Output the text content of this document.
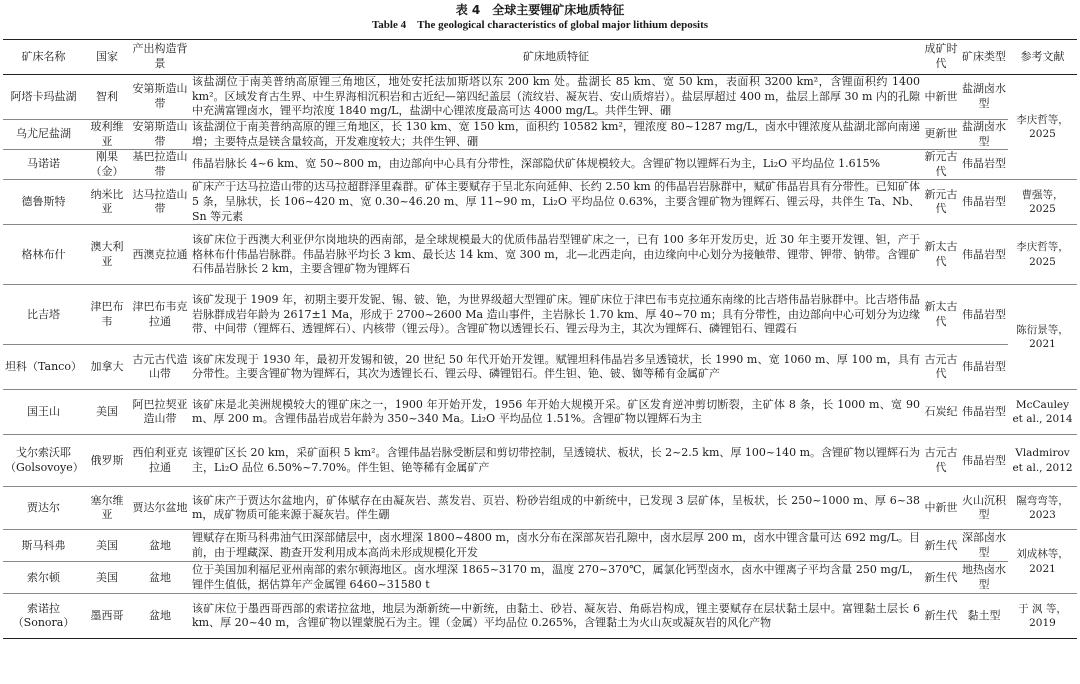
表 4　全球主要锂矿床地质特征
Table 4　The geological characteristics of global major lithium deposits
矿床名称	国家	产出构造背景	矿床地质特征	成矿时代	矿床类型	参考文献
阿塔卡玛盐湖	智利	安第斯造山带	该盐湖位于南美普纳高原锂三角地区，地处安托法加斯塔以东 200 km 处。盐湖长 85 km、宽 50 km，表面积 3200 km²，含锂面积约 1400 km²。区域发育古生界、中生界海相沉积岩和古近纪—第四纪盖层（流纹岩、凝灰岩、安山质熔岩）。盐层厚超过 400 m，盐层上部厚 30 m 内的孔隙中充满富锂卤水，锂平均浓度 1840 mg/L，盐湖中心锂浓度最高可达 4000 mg/L。共伴生钾、硼	中新世	盐湖卤水型	李庆哲等，2025
乌尤尼盐湖	玻利维亚	安第斯造山带	该盐湖位于南美普纳高原的锂三角地区，长 130 km、宽 150 km，面积约 10582 km²，锂浓度 80~1287 mg/L，卤水中锂浓度从盐湖北部向南递增；主要特点是镁含量较高，开发难度较大；共伴生钾、硼	更新世	盐湖卤水型	
马诺诺	刚果（金）	基巴拉造山带	伟晶岩脉长 4~6 km、宽 50~800 m，由边部向中心具有分带性，深部隐伏矿体规模较大。含锂矿物以锂辉石为主，Li₂O 平均品位 1.615%	新元古代	伟晶岩型	
德鲁斯特	纳米比亚	达马拉造山带	矿床产于达马拉造山带的达马拉超群泽里森群。矿体主要赋存于呈北东向延伸、长约 2.50 km 的伟晶岩岩脉群中，赋矿伟晶岩具有分带性。已知矿体 5 条，呈脉状，长 106~420 m、宽 0.30~46.20 m、厚 11~90 m，Li₂O 平均品位 0.63%，主要含锂矿物为锂辉石、锂云母，共伴生 Ta、Nb、Sn 等元素	新元古代	伟晶岩型	曹强等，2025
格林布什	澳大利亚	西澳克拉通	该矿床位于西澳大利亚伊尔岗地块的西南部，是全球规模最大的优质伟晶岩型锂矿床之一，已有 100 多年开发历史，近 30 年主要开发锂、钽，产于格林布什伟晶岩脉群。伟晶岩脉平均长 3 km、最长达 14 km、宽 300 m，北—北西走向，由边缘向中心划分为接触带、锂带、钾带、钠带。含锂矿石伟晶岩脉长 2 km，主要含锂矿物为锂辉石	新太古代	伟晶岩型	李庆哲等，2025
比吉塔	津巴布韦	津巴布韦克拉通	该矿发现于 1909 年，初期主要开发铌、锡、铍、铯，为世界级超大型锂矿床。锂矿床位于津巴布韦克拉通东南缘的比吉塔伟晶岩脉群中。比吉塔伟晶岩脉群成岩年龄为 2617±1 Ma，形成于 2700~2600 Ma 造山事件，主岩脉长 1.70 km、厚 40~70 m；具有分带性，由边部向中心可划分为边缘带、中间带（锂辉石、透锂辉石）、内核带（锂云母）。含锂矿物以透锂长石、锂云母为主，其次为锂辉石、磷锂铝石、锂霞石	新太古代	伟晶岩型	陈衍景等，2021
坦科（Tanco）	加拿大	古元古代造山带	该矿床发现于 1930 年，最初开发锡和铍，20 世纪 50 年代开始开发锂。赋锂坦科伟晶岩多呈透镜状，长 1990 m、宽 1060 m、厚 100 m，具有分带性。主要含锂矿物为锂辉石，其次为透锂长石、锂云母、磷锂铝石。伴生钽、铯、铍、铷等稀有金属矿产	古元古代	伟晶岩型	
国王山	美国	阿巴拉契亚造山带	该矿床是北美洲规模较大的锂矿床之一，1900 年开始开发，1956 年开始大规模开采。矿区发育逆冲剪切断裂，主矿体 8 条，长 1000 m、宽 90 m、厚 200 m。含锂伟晶岩成岩年龄为 350~340 Ma。Li₂O 平均品位 1.51%。含锂矿物以锂辉石为主	石炭纪	伟晶岩型	McCauley et al., 2014
戈尔索沃耶（Golsovoye）	俄罗斯	西伯利亚克拉通	该锂矿区长 20 km，采矿面积 5 km²。含锂伟晶岩脉受断层和剪切带控制，呈透镜状、板状，长 2~2.5 km、厚 100~140 m。含锂矿物以锂辉石为主，Li₂O 品位 6.50%~7.70%。伴生钽、铯等稀有金属矿产	古元古代	伟晶岩型	Vladmirov et al., 2012
贾达尔	塞尔维亚	贾达尔盆地	该矿床产于贾达尔盆地内，矿体赋存在由凝灰岩、蒸发岩、页岩、粉砂岩组成的中新统中，已发现 3 层矿体，呈板状，长 250~1000 m、厚 6~38 m，成矿物质可能来源于凝灰岩。伴生硼	中新世	火山沉积型	隰弯弯等，2023
斯马科弗	美国	盆地	锂赋存在斯马科弗油气田深部储层中，卤水埋深 1800~4800 m，卤水分布在深部灰岩孔隙中，卤水层厚 200 m，卤水中锂含量可达 692 mg/L。目前，由于埋藏深、勘查开发利用成本高尚未形成规模化开发	新生代	深部卤水型	刘成林等，2021
索尔顿	美国	盆地	位于美国加利福尼亚州南部的索尔顿海地区。卤水埋深 1865~3170 m，温度 270~370℃，属氯化钙型卤水，卤水中锂离子平均含量 250 mg/L，锂伴生值低，据估算年产金属锂 6460~31580 t	新生代	地热卤水型	
索诺拉（Sonora）	墨西哥	盆地	该矿床位于墨西哥西部的索诺拉盆地，地层为渐新统—中新统，由黏土、砂岩、凝灰岩、角砾岩构成，锂主要赋存在层状黏土层中。富锂黏土层长 6 km、厚 20~40 m，含锂矿物以锂蒙脱石为主。锂（金属）平均品位 0.265%，含锂黏土为火山灰或凝灰岩的风化产物	新生代	黏土型	于 沨 等，2019
